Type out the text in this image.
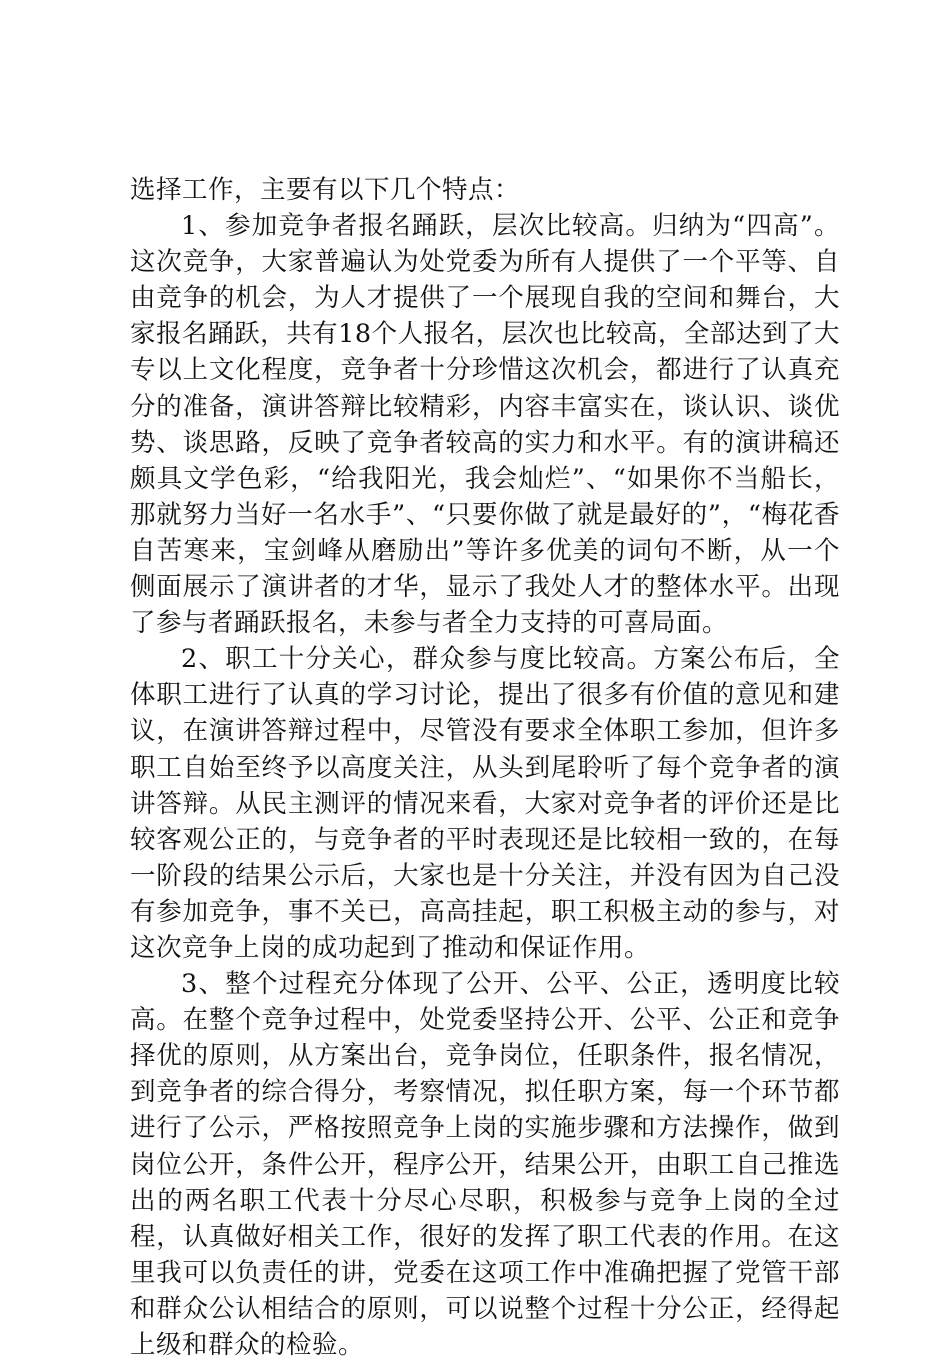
选择工作，主要有以下几个特点：

1、参加竞争者报名踊跃，层次比较高。归纳为“四高”。这次竞争，大家普遍认为处党委为所有人提供了一个平等、自由竞争的机会，为人才提供了一个展现自我的空间和舞台，大家报名踊跃，共有18个人报名，层次也比较高，全部达到了大专以上文化程度，竞争者十分珍惜这次机会，都进行了认真充分的准备，演讲答辩比较精彩，内容丰富实在，谈认识、谈优势、谈思路，反映了竞争者较高的实力和水平。有的演讲稿还颇具文学色彩，“给我阳光，我会灿烂”、“如果你不当船长，那就努力当好一名水手”、“只要你做了就是最好的”，“梅花香自苦寒来，宝剑峰从磨励出”等许多优美的词句不断，从一个侧面展示了演讲者的才华，显示了我处人才的整体水平。出现了参与者踊跃报名，未参与者全力支持的可喜局面。

2、职工十分关心，群众参与度比较高。方案公布后，全体职工进行了认真的学习讨论，提出了很多有价值的意见和建议，在演讲答辩过程中，尽管没有要求全体职工参加，但许多职工自始至终予以高度关注，从头到尾聆听了每个竞争者的演讲答辩。从民主测评的情况来看，大家对竞争者的评价还是比较客观公正的，与竞争者的平时表现还是比较相一致的，在每一阶段的结果公示后，大家也是十分关注，并没有因为自己没有参加竞争，事不关已，高高挂起，职工积极主动的参与，对这次竞争上岗的成功起到了推动和保证作用。

3、整个过程充分体现了公开、公平、公正，透明度比较高。在整个竞争过程中，处党委坚持公开、公平、公正和竞争择优的原则，从方案出台，竞争岗位，任职条件，报名情况，到竞争者的综合得分，考察情况，拟任职方案，每一个环节都进行了公示，严格按照竞争上岗的实施步骤和方法操作，做到岗位公开，条件公开，程序公开，结果公开，由职工自己推选出的两名职工代表十分尽心尽职，积极参与竞争上岗的全过程，认真做好相关工作，很好的发挥了职工代表的作用。在这里我可以负责任的讲，党委在这项工作中准确把握了党管干部和群众公认相结合的原则，可以说整个过程十分公正，经得起上级和群众的检验。
